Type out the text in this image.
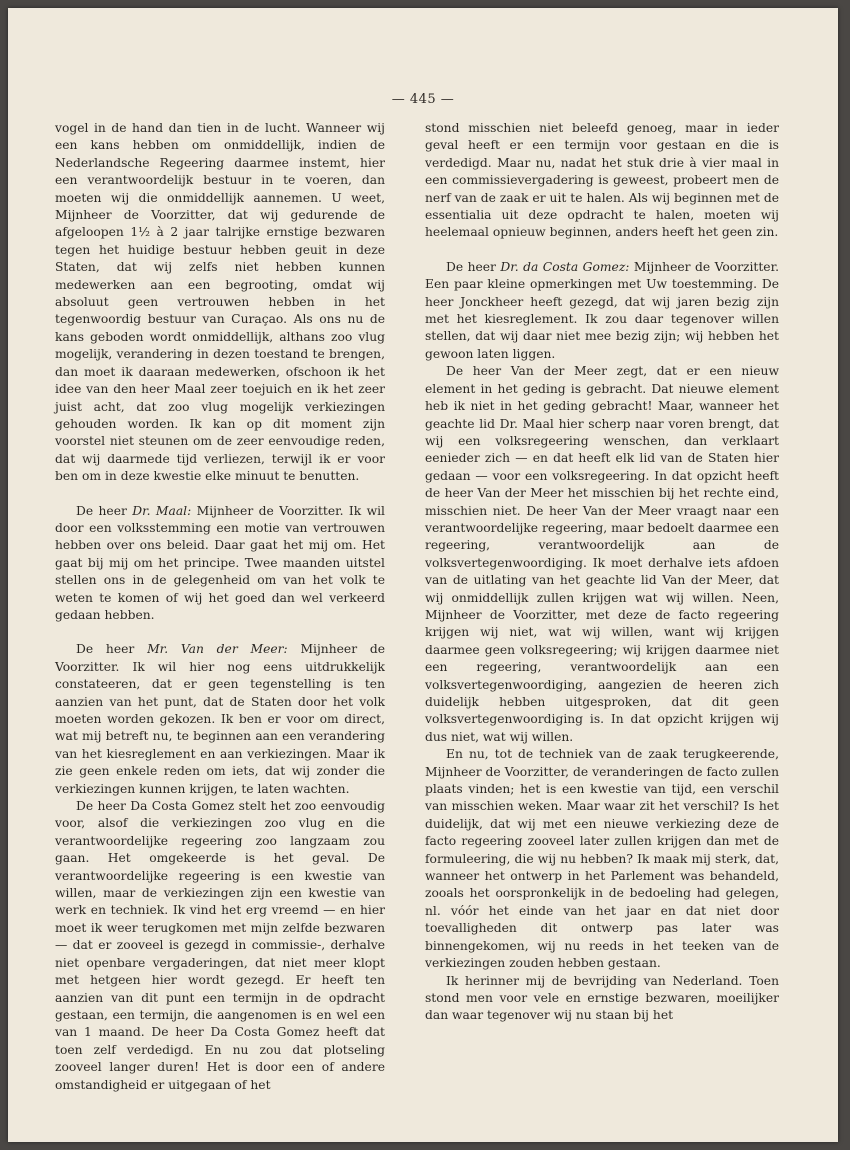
— 445 —

vogel in de hand dan tien in de lucht. Wanneer wij een kans hebben om onmiddellijk, indien de Nederlandsche Regeering daarmee instemt, hier een verantwoordelijk bestuur in te voeren, dan moeten wij die onmiddellijk aannemen. U weet, Mijnheer de Voorzitter, dat wij gedurende de afgeloopen 1½ à 2 jaar talrijke ernstige bezwaren tegen het huidige bestuur hebben geuit in deze Staten, dat wij zelfs niet hebben kunnen medewerken aan een begrooting, omdat wij absoluut geen vertrouwen hebben in het tegenwoordig bestuur van Curaçao. Als ons nu de kans geboden wordt onmiddellijk, althans zoo vlug mogelijk, verandering in dezen toestand te brengen, dan moet ik daaraan medewerken, ofschoon ik het idee van den heer Maal zeer toejuich en ik het zeer juist acht, dat zoo vlug mogelijk verkiezingen gehouden worden. Ik kan op dit moment zijn voorstel niet steunen om de zeer eenvoudige reden, dat wij daarmede tijd verliezen, terwijl ik er voor ben om in deze kwestie elke minuut te benutten.

De heer Dr. Maal: Mijnheer de Voorzitter. Ik wil door een volksstemming een motie van vertrouwen hebben over ons beleid. Daar gaat het mij om. Het gaat bij mij om het principe. Twee maanden uitstel stellen ons in de gelegenheid om van het volk te weten te komen of wij het goed dan wel verkeerd gedaan hebben.

De heer Mr. Van der Meer: Mijnheer de Voorzitter. Ik wil hier nog eens uitdrukkelijk constateeren, dat er geen tegenstelling is ten aanzien van het punt, dat de Staten door het volk moeten worden gekozen. Ik ben er voor om direct, wat mij betreft nu, te beginnen aan een verandering van het kiesreglement en aan verkiezingen. Maar ik zie geen enkele reden om iets, dat wij zonder die verkiezingen kunnen krijgen, te laten wachten.

De heer Da Costa Gomez stelt het zoo eenvoudig voor, alsof die verkiezingen zoo vlug en die verantwoordelijke regeering zoo langzaam zou gaan. Het omgekeerde is het geval. De verantwoordelijke regeering is een kwestie van willen, maar de verkiezingen zijn een kwestie van werk en techniek. Ik vind het erg vreemd — en hier moet ik weer terugkomen met mijn zelfde bezwaren — dat er zooveel is gezegd in commissie-, derhalve niet openbare vergaderingen, dat niet meer klopt met hetgeen hier wordt gezegd. Er heeft ten aanzien van dit punt een termijn in de opdracht gestaan, een termijn, die aangenomen is en wel een van 1 maand. De heer Da Costa Gomez heeft dat toen zelf verdedigd. En nu zou dat plotseling zooveel langer duren! Het is door een of andere omstandigheid er uitgegaan of het

stond misschien niet beleefd genoeg, maar in ieder geval heeft er een termijn voor gestaan en die is verdedigd. Maar nu, nadat het stuk drie à vier maal in een commissievergadering is geweest, probeert men de nerf van de zaak er uit te halen. Als wij beginnen met de essentialia uit deze opdracht te halen, moeten wij heelemaal opnieuw beginnen, anders heeft het geen zin.

De heer Dr. da Costa Gomez: Mijnheer de Voorzitter. Een paar kleine opmerkingen met Uw toestemming. De heer Jonckheer heeft gezegd, dat wij jaren bezig zijn met het kiesreglement. Ik zou daar tegenover willen stellen, dat wij daar niet mee bezig zijn; wij hebben het gewoon laten liggen.

De heer Van der Meer zegt, dat er een nieuw element in het geding is gebracht. Dat nieuwe element heb ik niet in het geding gebracht! Maar, wanneer het geachte lid Dr. Maal hier scherp naar voren brengt, dat wij een volksregeering wenschen, dan verklaart eenieder zich — en dat heeft elk lid van de Staten hier gedaan — voor een volksregeering. In dat opzicht heeft de heer Van der Meer het misschien bij het rechte eind, misschien niet. De heer Van der Meer vraagt naar een verantwoordelijke regeering, maar bedoelt daarmee een regeering, verantwoordelijk aan de volksvertegenwoordiging. Ik moet derhalve iets afdoen van de uitlating van het geachte lid Van der Meer, dat wij onmiddellijk zullen krijgen wat wij willen. Neen, Mijnheer de Voorzitter, met deze de facto regeering krijgen wij niet, wat wij willen, want wij krijgen daarmee geen volksregeering; wij krijgen daarmee niet een regeering, verantwoordelijk aan een volksvertegenwoordiging, aangezien de heeren zich duidelijk hebben uitgesproken, dat dit geen volksvertegenwoordiging is. In dat opzicht krijgen wij dus niet, wat wij willen.

En nu, tot de techniek van de zaak terugkeerende, Mijnheer de Voorzitter, de veranderingen de facto zullen plaats vinden; het is een kwestie van tijd, een verschil van misschien weken. Maar waar zit het verschil? Is het duidelijk, dat wij met een nieuwe verkiezing deze de facto regeering zooveel later zullen krijgen dan met de formuleering, die wij nu hebben? Ik maak mij sterk, dat, wanneer het ontwerp in het Parlement was behandeld, zooals het oorspronkelijk in de bedoeling had gelegen, nl. vóór het einde van het jaar en dat niet door toevalligheden dit ontwerp pas later was binnengekomen, wij nu reeds in het teeken van de verkiezingen zouden hebben gestaan.

Ik herinner mij de bevrijding van Nederland. Toen stond men voor vele en ernstige bezwaren, moeilijker dan waar tegenover wij nu staan bij het
